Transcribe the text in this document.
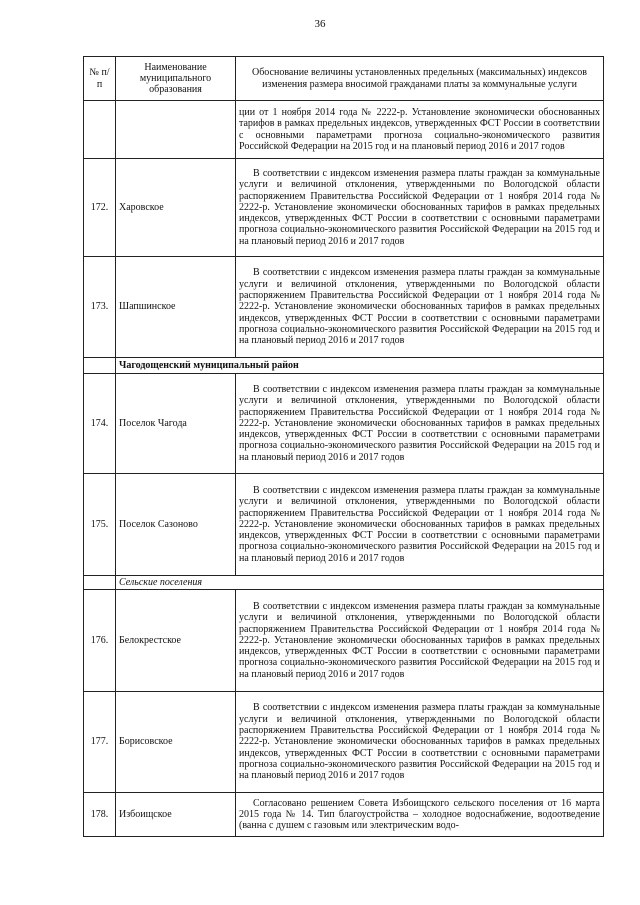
36
№ п/п	Наименование муниципального образования	Обоснование величины установленных предельных (максимальных) индексов изменения размера вносимой гражданами платы за коммунальные услуги
		ции от 1 ноября 2014 года № 2222-р. Установление экономически обоснованных тарифов в рамках предельных индексов, утвержденных ФСТ России в соответствии с основными параметрами прогноза социально-экономического развития Российской Федерации на 2015 год и на плановый период 2016 и 2017 годов
172.	Харовское	В соответствии с индексом изменения размера платы граждан за коммунальные услуги и величиной отклонения, утвержденными по Вологодской области распоряжением Правительства Российской Федерации от 1 ноября 2014 года № 2222-р. Установление экономически обоснованных тарифов в рамках предельных индексов, утвержденных ФСТ России в соответствии с основными параметрами прогноза социально-экономического развития Российской Федерации на 2015 год и на плановый период 2016 и 2017 годов
173.	Шапшинское	В соответствии с индексом изменения размера платы граждан за коммунальные услуги и величиной отклонения, утвержденными по Вологодской области распоряжением Правительства Российской Федерации от 1 ноября 2014 года № 2222-р. Установление экономически обоснованных тарифов в рамках предельных индексов, утвержденных ФСТ России в соответствии с основными параметрами прогноза социально-экономического развития Российской Федерации на 2015 год и на плановый период 2016 и 2017 годов
	Чагодощенский муниципальный район	
174.	Поселок Чагода	В соответствии с индексом изменения размера платы граждан за коммунальные услуги и величиной отклонения, утвержденными по Вологодской области распоряжением Правительства Российской Федерации от 1 ноября 2014 года № 2222-р. Установление экономически обоснованных тарифов в рамках предельных индексов, утвержденных ФСТ России в соответствии с основными параметрами прогноза социально-экономического развития Российской Федерации на 2015 год и на плановый период 2016 и 2017 годов
175.	Поселок Сазоново	В соответствии с индексом изменения размера платы граждан за коммунальные услуги и величиной отклонения, утвержденными по Вологодской области распоряжением Правительства Российской Федерации от 1 ноября 2014 года № 2222-р. Установление экономически обоснованных тарифов в рамках предельных индексов, утвержденных ФСТ России в соответствии с основными параметрами прогноза социально-экономического развития Российской Федерации на 2015 год и на плановый период 2016 и 2017 годов
	Сельские поселения	
176.	Белокрестское	В соответствии с индексом изменения размера платы граждан за коммунальные услуги и величиной отклонения, утвержденными по Вологодской области распоряжением Правительства Российской Федерации от 1 ноября 2014 года № 2222-р. Установление экономически обоснованных тарифов в рамках предельных индексов, утвержденных ФСТ России в соответствии с основными параметрами прогноза социально-экономического развития Российской Федерации на 2015 год и на плановый период 2016 и 2017 годов
177.	Борисовское	В соответствии с индексом изменения размера платы граждан за коммунальные услуги и величиной отклонения, утвержденными по Вологодской области распоряжением Правительства Российской Федерации от 1 ноября 2014 года № 2222-р. Установление экономически обоснованных тарифов в рамках предельных индексов, утвержденных ФСТ России в соответствии с основными параметрами прогноза социально-экономического развития Российской Федерации на 2015 год и на плановый период 2016 и 2017 годов
178.	Избоищское	Согласовано решением Совета Избоищского сельского поселения от 16 марта 2015 года № 14. Тип благоустройства – холодное водоснабжение, водоотведение (ванна с душем с газовым или электрическим водо-
